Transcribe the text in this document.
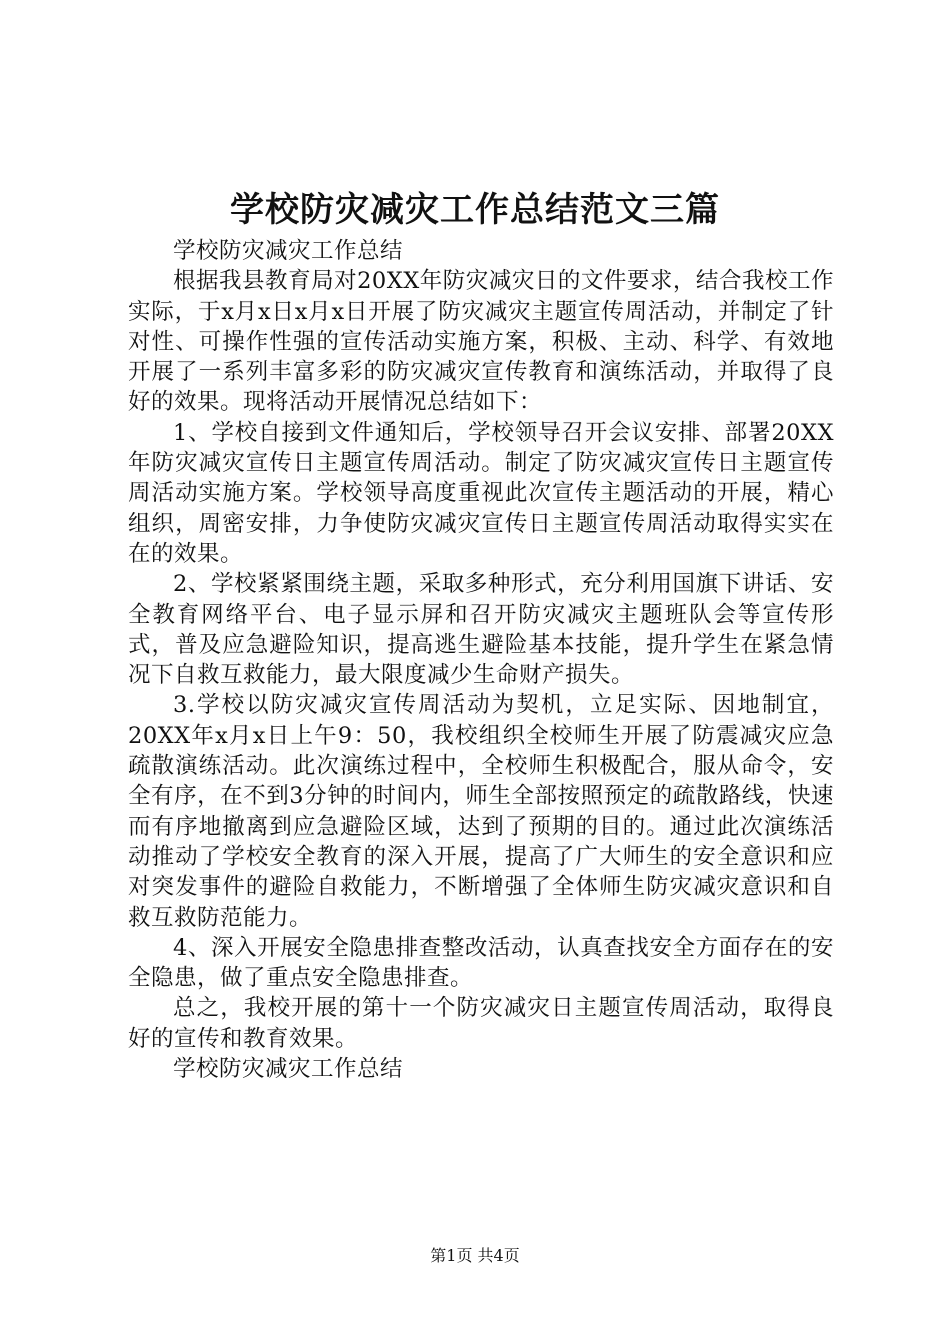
学校防灾减灾工作总结范文三篇

学校防灾减灾工作总结

根据我县教育局对20XX年防灾减灾日的文件要求，结合我校工作实际，于x月x日x月x日开展了防灾减灾主题宣传周活动，并制定了针对性、可操作性强的宣传活动实施方案，积极、主动、科学、有效地开展了一系列丰富多彩的防灾减灾宣传教育和演练活动，并取得了良好的效果。现将活动开展情况总结如下：

1、学校自接到文件通知后，学校领导召开会议安排、部署20XX年防灾减灾宣传日主题宣传周活动。制定了防灾减灾宣传日主题宣传周活动实施方案。学校领导高度重视此次宣传主题活动的开展，精心组织，周密安排，力争使防灾减灾宣传日主题宣传周活动取得实实在在的效果。

2、学校紧紧围绕主题，采取多种形式，充分利用国旗下讲话、安全教育网络平台、电子显示屏和召开防灾减灾主题班队会等宣传形式，普及应急避险知识，提高逃生避险基本技能，提升学生在紧急情况下自救互救能力，最大限度减少生命财产损失。

3.学校以防灾减灾宣传周活动为契机，立足实际、因地制宜，20XX年x月x日上午9：50，我校组织全校师生开展了防震减灾应急疏散演练活动。此次演练过程中，全校师生积极配合，服从命令，安全有序，在不到3分钟的时间内，师生全部按照预定的疏散路线，快速而有序地撤离到应急避险区域，达到了预期的目的。通过此次演练活动推动了学校安全教育的深入开展，提高了广大师生的安全意识和应对突发事件的避险自救能力，不断增强了全体师生防灾减灾意识和自救互救防范能力。

4、深入开展安全隐患排查整改活动，认真查找安全方面存在的安全隐患，做了重点安全隐患排查。

总之，我校开展的第十一个防灾减灾日主题宣传周活动，取得良好的宣传和教育效果。

学校防灾减灾工作总结

第1页 共4页
